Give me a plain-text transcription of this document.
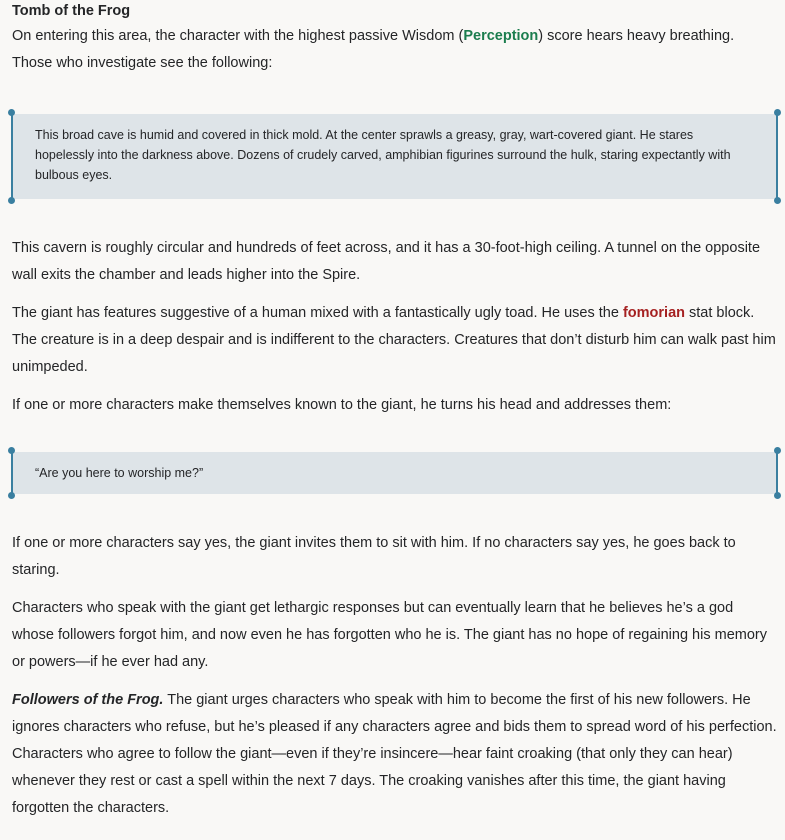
Tomb of the Frog

On entering this area, the character with the highest passive Wisdom (Perception) score hears heavy breathing. Those who investigate see the following:

This broad cave is humid and covered in thick mold. At the center sprawls a greasy, gray, wart-covered giant. He stares hopelessly into the darkness above. Dozens of crudely carved, amphibian figurines surround the hulk, staring expectantly with bulbous eyes.

This cavern is roughly circular and hundreds of feet across, and it has a 30-foot-high ceiling. A tunnel on the opposite wall exits the chamber and leads higher into the Spire.

The giant has features suggestive of a human mixed with a fantastically ugly toad. He uses the fomorian stat block. The creature is in a deep despair and is indifferent to the characters. Creatures that don’t disturb him can walk past him unimpeded.

If one or more characters make themselves known to the giant, he turns his head and addresses them:

“Are you here to worship me?”

If one or more characters say yes, the giant invites them to sit with him. If no characters say yes, he goes back to staring.

Characters who speak with the giant get lethargic responses but can eventually learn that he believes he’s a god whose followers forgot him, and now even he has forgotten who he is. The giant has no hope of regaining his memory or powers—if he ever had any.

Followers of the Frog. The giant urges characters who speak with him to become the first of his new followers. He ignores characters who refuse, but he’s pleased if any characters agree and bids them to spread word of his perfection. Characters who agree to follow the giant—even if they’re insincere—hear faint croaking (that only they can hear) whenever they rest or cast a spell within the next 7 days. The croaking vanishes after this time, the giant having forgotten the characters.
